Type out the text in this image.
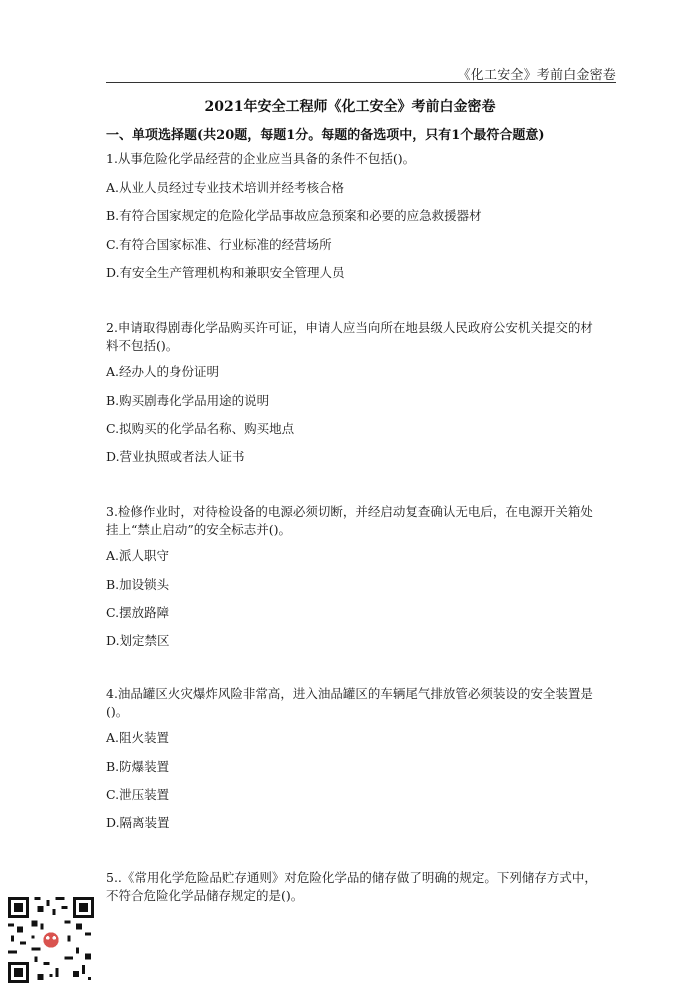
《化工安全》考前白金密卷
2021年安全工程师《化工安全》考前白金密卷
一、单项选择题(共20题，每题1分。每题的备选项中，只有1个最符合题意)
1.从事危险化学品经营的企业应当具备的条件不包括()。
A.从业人员经过专业技术培训并经考核合格
B.有符合国家规定的危险化学品事故应急预案和必要的应急救援器材
C.有符合国家标准、行业标准的经营场所
D.有安全生产管理机构和兼职安全管理人员
2.申请取得剧毒化学品购买许可证，申请人应当向所在地县级人民政府公安机关提交的材
料不包括()。
A.经办人的身份证明
B.购买剧毒化学品用途的说明
C.拟购买的化学品名称、购买地点
D.营业执照或者法人证书
3.检修作业时，对待检设备的电源必须切断，并经启动复查确认无电后，在电源开关箱处
挂上“禁止启动”的安全标志并()。
A.派人职守
B.加设锁头
C.摆放路障
D.划定禁区
4.油品罐区火灾爆炸风险非常高，进入油品罐区的车辆尾气排放管必须装设的安全装置是
()。
A.阻火装置
B.防爆装置
C.泄压装置
D.隔离装置
5..《常用化学危险品贮存通则》对危险化学品的储存做了明确的规定。下列储存方式中，
不符合危险化学品储存规定的是()。
